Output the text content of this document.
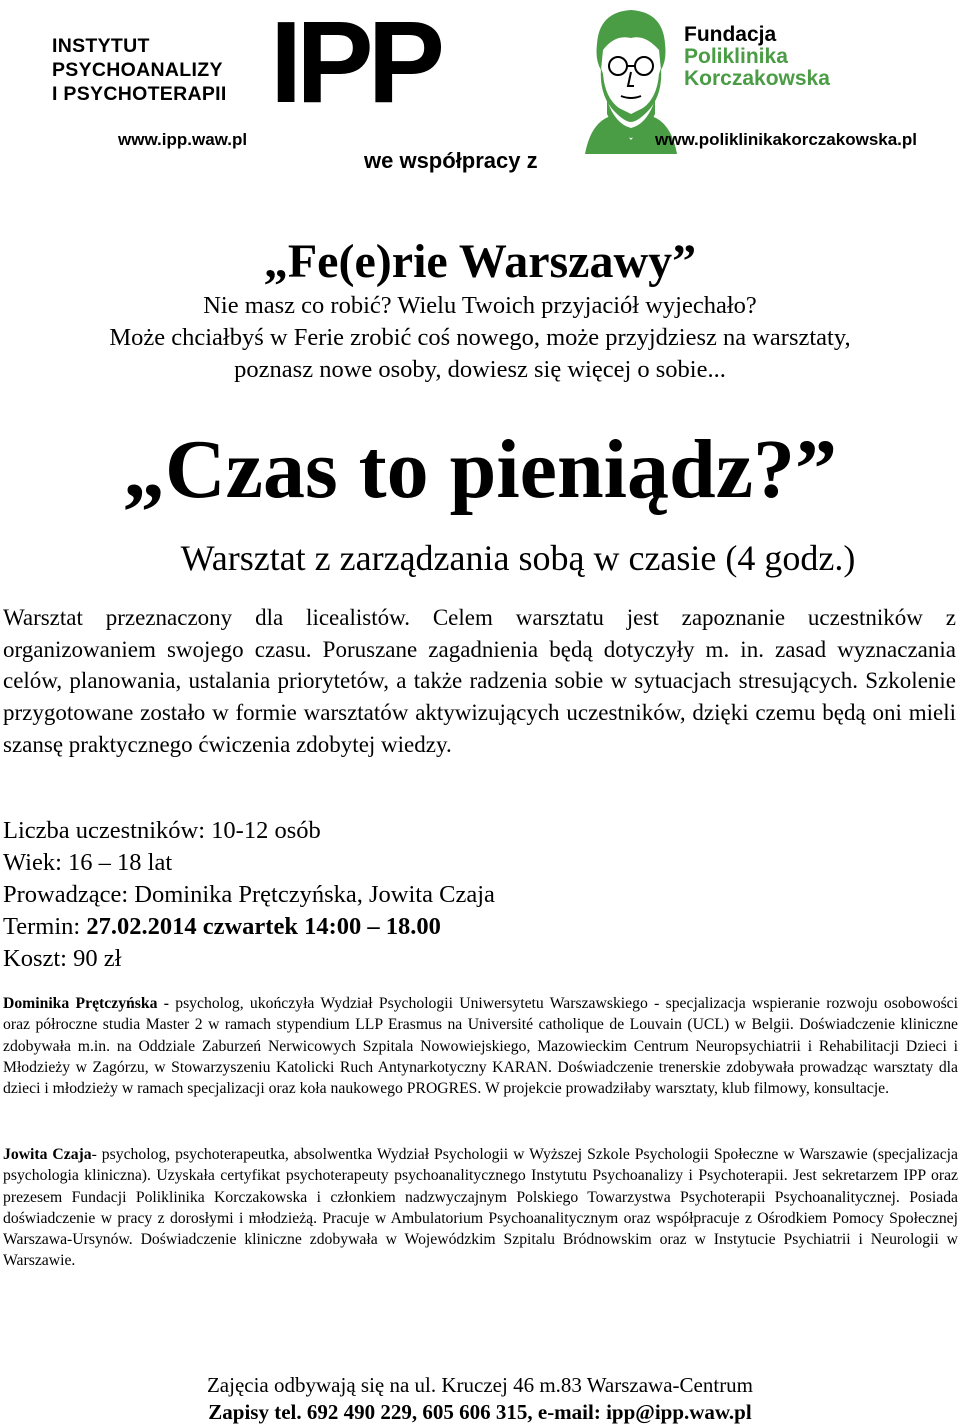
INSTYTUT
PSYCHOANALIZY
I PSYCHOTERAPII IPP
www.ipp.waw.pl
Fundacja
Poliklinika
Korczakowska
www.poliklinikakorczakowska.pl
we współpracy z
„Fe(e)rie Warszawy”
Nie masz co robić? Wielu Twoich przyjaciół wyjechało?
Może chciałbyś w Ferie zrobić coś nowego, może przyjdziesz na warsztaty,
poznasz nowe osoby, dowiesz się więcej o sobie...
„Czas to pieniądz?”
Warsztat z zarządzania sobą w czasie (4 godz.)
Warsztat przeznaczony dla licealistów. Celem warsztatu jest zapoznanie uczestników z organizowaniem swojego czasu. Poruszane zagadnienia będą dotyczyły m. in. zasad wyznaczania celów, planowania, ustalania priorytetów, a także radzenia sobie w sytuacjach stresujących. Szkolenie przygotowane zostało w formie warsztatów aktywizujących uczestników, dzięki czemu będą oni mieli szansę praktycznego ćwiczenia zdobytej wiedzy.
Liczba uczestników: 10-12 osób
Wiek: 16 – 18 lat
Prowadzące: Dominika Prętczyńska, Jowita Czaja
Termin: 27.02.2014 czwartek 14:00 – 18.00
Koszt: 90 zł
Dominika Prętczyńska - psycholog, ukończyła Wydział Psychologii Uniwersytetu Warszawskiego - specjalizacja wspieranie rozwoju osobowości oraz półroczne studia Master 2 w ramach stypendium LLP Erasmus na Université catholique de Louvain (UCL) w Belgii. Doświadczenie kliniczne zdobywała m.in. na Oddziale Zaburzeń Nerwicowych Szpitala Nowowiejskiego, Mazowieckim Centrum Neuropsychiatrii i Rehabilitacji Dzieci i Młodzieży w Zagórzu, w Stowarzyszeniu Katolicki Ruch Antynarkotyczny KARAN. Doświadczenie trenerskie zdobywała prowadząc warsztaty dla dzieci i młodzieży w ramach specjalizacji oraz koła naukowego PROGRES. W projekcie prowadziłaby warsztaty, klub filmowy, konsultacje.
Jowita Czaja- psycholog, psychoterapeutka, absolwentka Wydział Psychologii w Wyższej Szkole Psychologii Społeczne w Warszawie (specjalizacja psychologia kliniczna). Uzyskała certyfikat psychoterapeuty psychoanalitycznego Instytutu Psychoanalizy i Psychoterapii. Jest sekretarzem IPP oraz prezesem Fundacji Poliklinika Korczakowska i członkiem nadzwyczajnym Polskiego Towarzystwa Psychoterapii Psychoanalitycznej. Posiada doświadczenie w pracy z dorosłymi i młodzieżą. Pracuje w Ambulatorium Psychoanalitycznym oraz współpracuje z Ośrodkiem Pomocy Społecznej Warszawa-Ursynów. Doświadczenie kliniczne zdobywała w Wojewódzkim Szpitalu Bródnowskim oraz w Instytucie Psychiatrii i Neurologii w Warszawie.
Zajęcia odbywają się na ul. Kruczej 46 m.83 Warszawa-Centrum
Zapisy tel. 692 490 229, 605 606 315, e-mail: ipp@ipp.waw.pl
